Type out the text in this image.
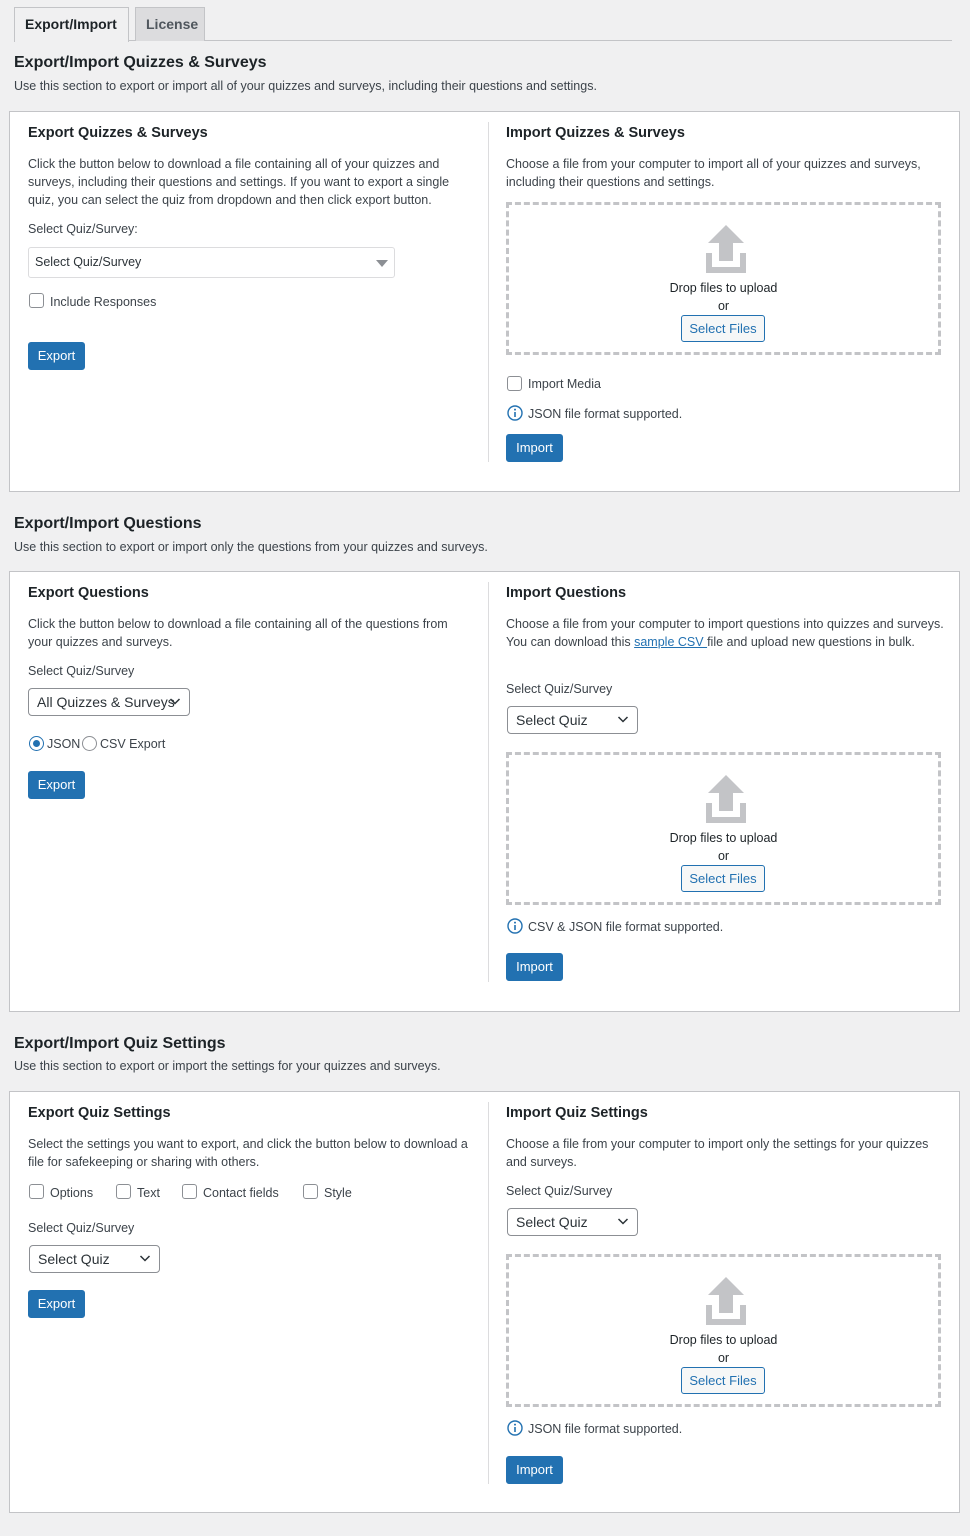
Export/Import	License
Export/Import Quizzes & Surveys
Use this section to export or import all of your quizzes and surveys, including their questions and settings.
Export Quizzes & Surveys
Click the button below to download a file containing all of your quizzes and surveys, including their questions and settings. If you want to export a single quiz, you can select the quiz from dropdown and then click export button.
Select Quiz/Survey:
Select Quiz/Survey
Include Responses
Export
Import Quizzes & Surveys
Choose a file from your computer to import all of your quizzes and surveys, including their questions and settings.
Drop files to upload
or
Select Files
Import Media
JSON file format supported.
Import
Export/Import Questions
Use this section to export or import only the questions from your quizzes and surveys.
Export Questions
Click the button below to download a file containing all of the questions from your quizzes and surveys.
Select Quiz/Survey
All Quizzes & Surveys
JSON CSV Export
Export
Import Questions
Choose a file from your computer to import questions into quizzes and surveys. You can download this sample CSV file and upload new questions in bulk.
Select Quiz/Survey
Select Quiz
Drop files to upload
or
Select Files
CSV & JSON file format supported.
Import
Export/Import Quiz Settings
Use this section to export or import the settings for your quizzes and surveys.
Export Quiz Settings
Select the settings you want to export, and click the button below to download a file for safekeeping or sharing with others.
Options	Text	Contact fields	Style
Select Quiz/Survey
Select Quiz
Export
Import Quiz Settings
Choose a file from your computer to import only the settings for your quizzes and surveys.
Select Quiz/Survey
Select Quiz
Drop files to upload
or
Select Files
JSON file format supported.
Import
